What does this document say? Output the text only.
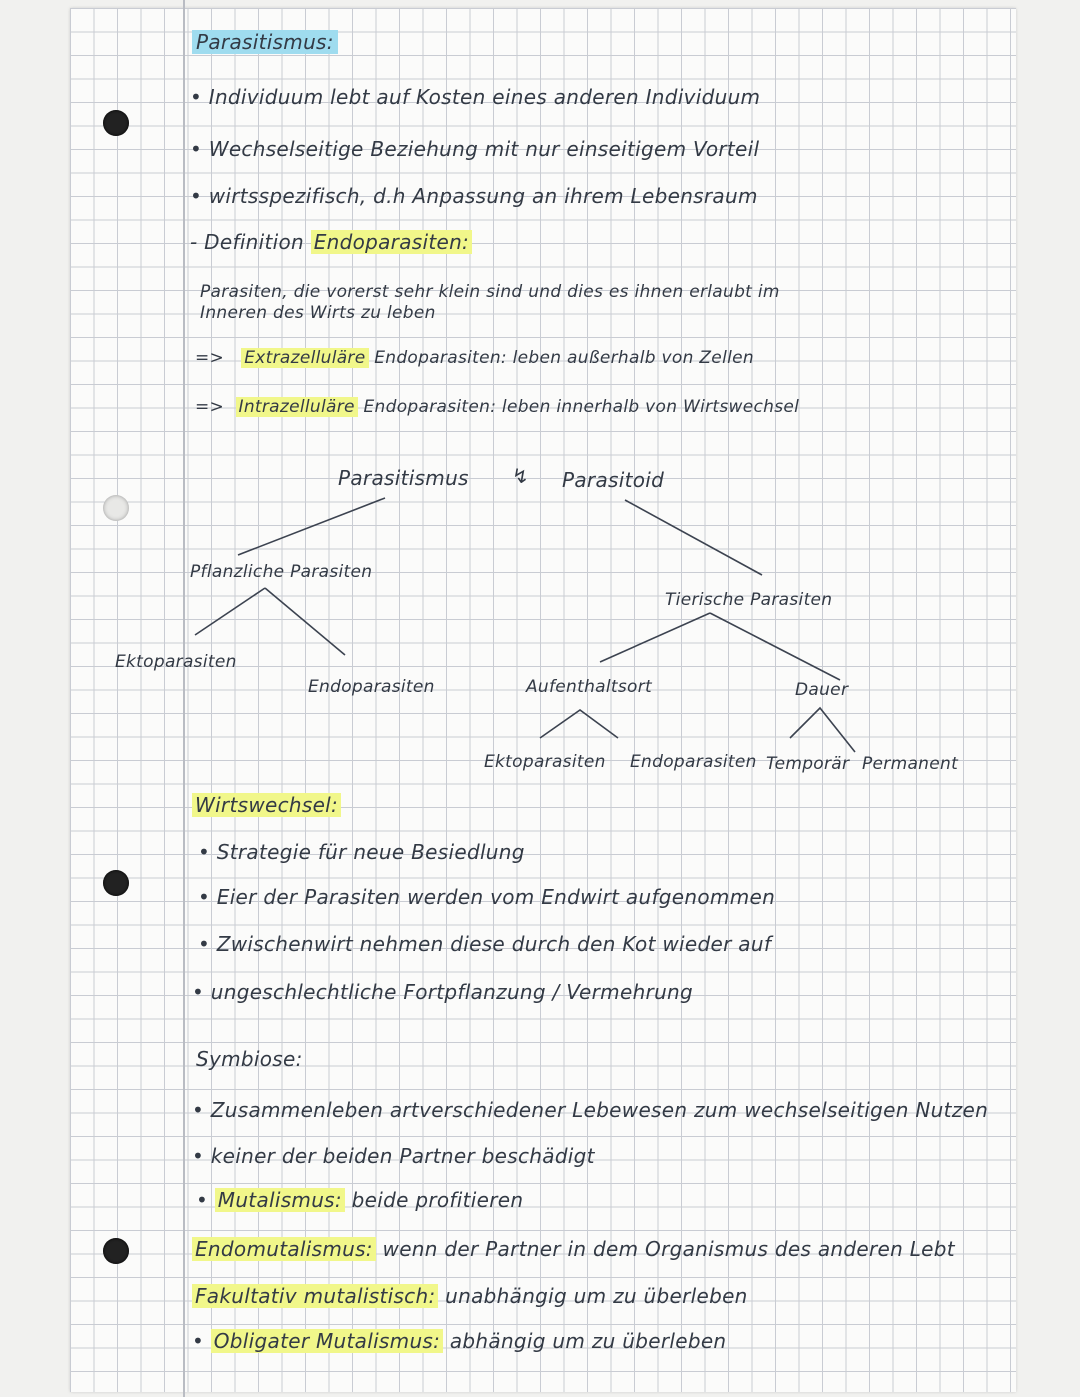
Parasitismus:
• Individuum lebt auf Kosten eines anderen Individuum
• Wechselseitige Beziehung mit nur einseitigem Vorteil
• wirtsspezifisch, d.h Anpassung an ihrem Lebensraum
- Definition Endoparasiten:
Parasiten, die vorerst sehr klein sind und dies es ihnen erlaubt im
Inneren des Wirts zu leben
=> Extrazelluläre Endoparasiten: leben außerhalb von Zellen
=> Intrazelluläre Endoparasiten: leben innerhalb von Wirtswechsel
Parasitismus ↯ Parasitoid
Pflanzliche Parasiten
Tierische Parasiten
Ektoparasiten
Endoparasiten	Aufenthaltsort	Dauer
Ektoparasiten Endoparasiten Temporär Permanent
Wirtswechsel:
• Strategie für neue Besiedlung
• Eier der Parasiten werden vom Endwirt aufgenommen
• Zwischenwirt nehmen diese durch den Kot wieder auf
• ungeschlechtliche Fortpflanzung / Vermehrung
Symbiose:
• Zusammenleben artverschiedener Lebewesen zum wechselseitigen Nutzen
• keiner der beiden Partner beschädigt
• Mutalismus: beide profitieren
Endomutalismus: wenn der Partner in dem Organismus des anderen Lebt
Fakultativ mutalistisch: unabhängig um zu überleben
• Obligater Mutalismus: abhängig um zu überleben
